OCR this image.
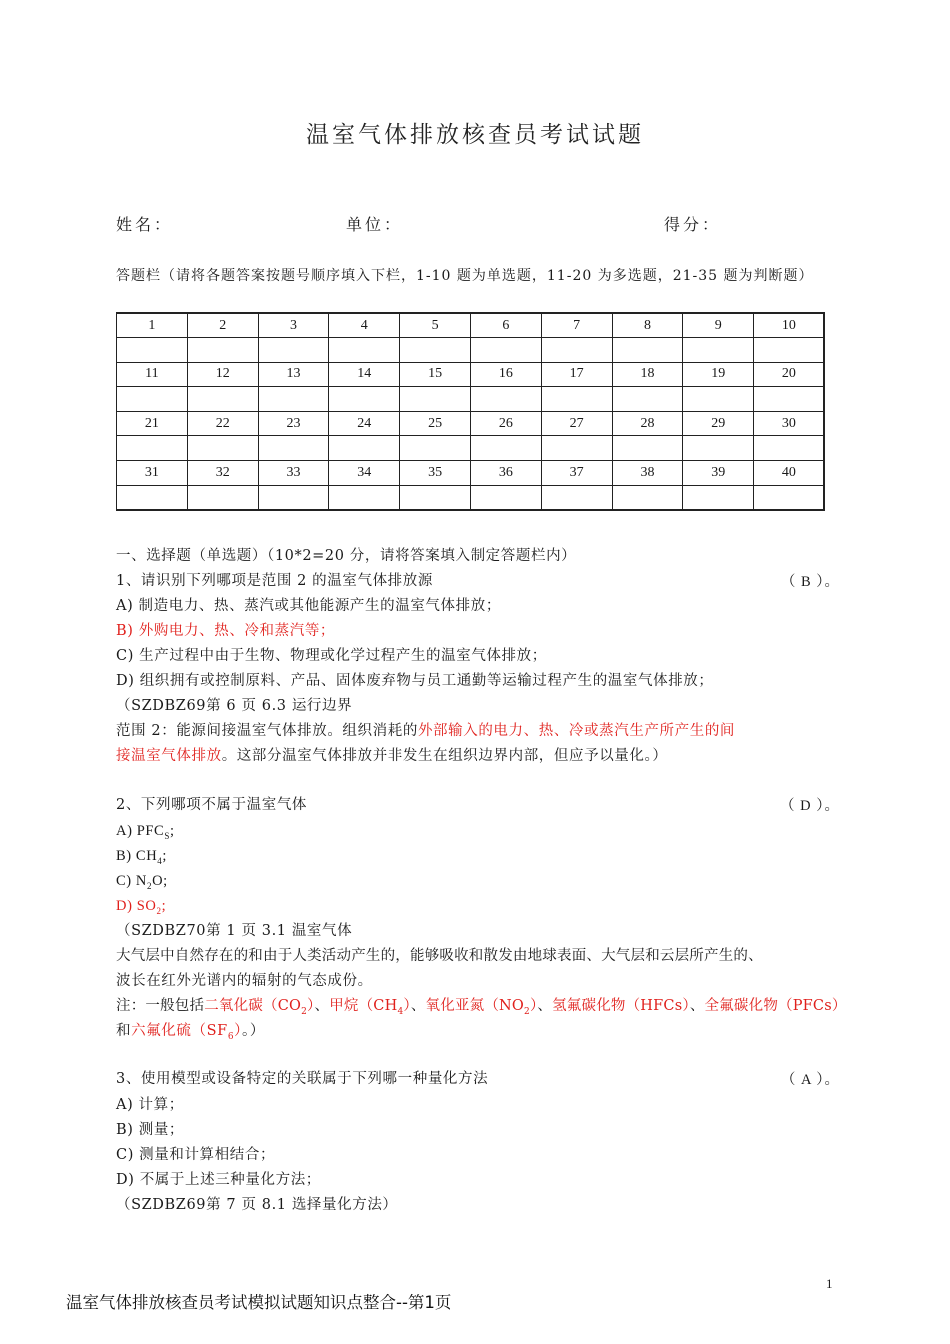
温室气体排放核查员考试试题
姓名：	单位：	得分：
答题栏（请将各题答案按题号顺序填入下栏，1-10 题为单选题，11-20 为多选题，21-35 题为判断题）
1	2	3	4	5	6	7	8	9	10

11	12	13	14	15	16	17	18	19	20

21	22	23	24	25	26	27	28	29	30

31	32	33	34	35	36	37	38	39	40

一、选择题（单选题）（10*2=20 分，请将答案填入制定答题栏内）
1、请识别下列哪项是范围 2 的温室气体排放源	（ B ）。
A) 制造电力、热、蒸汽或其他能源产生的温室气体排放；
B) 外购电力、热、冷和蒸汽等；
C) 生产过程中由于生物、物理或化学过程产生的温室气体排放；
D) 组织拥有或控制原料、产品、固体废弃物与员工通勤等运输过程产生的温室气体排放；
（SZDBZ69第 6 页 6.3 运行边界
范围 2：能源间接温室气体排放。组织消耗的外部输入的电力、热、冷或蒸汽生产所产生的间
接温室气体排放。这部分温室气体排放并非发生在组织边界内部，但应予以量化。）
2、下列哪项不属于温室气体	（ D ）。
A) $PFC_S$;
B) $CH_4$;
C) $N_2O$;
D) $SO_2$;
（SZDBZ70第 1 页 3.1 温室气体
大气层中自然存在的和由于人类活动产生的，能够吸收和散发由地球表面、大气层和云层所产生的、
波长在红外光谱内的辐射的气态成份。
注：一般包括二氧化碳$(CO_2)$、甲烷$(CH_4)$、氧化亚氮$(NO_2)$、氢氟碳化物（HFCs）、全氟碳化物（PFCs）
和六氟化硫$(SF_6)$。）
3、使用模型或设备特定的关联属于下列哪一种量化方法	（ A ）。
A) 计算；
B) 测量；
C) 测量和计算相结合；
D) 不属于上述三种量化方法；
（SZDBZ69第 7 页 8.1 选择量化方法）
1
温室气体排放核查员考试模拟试题知识点整合--第1页
